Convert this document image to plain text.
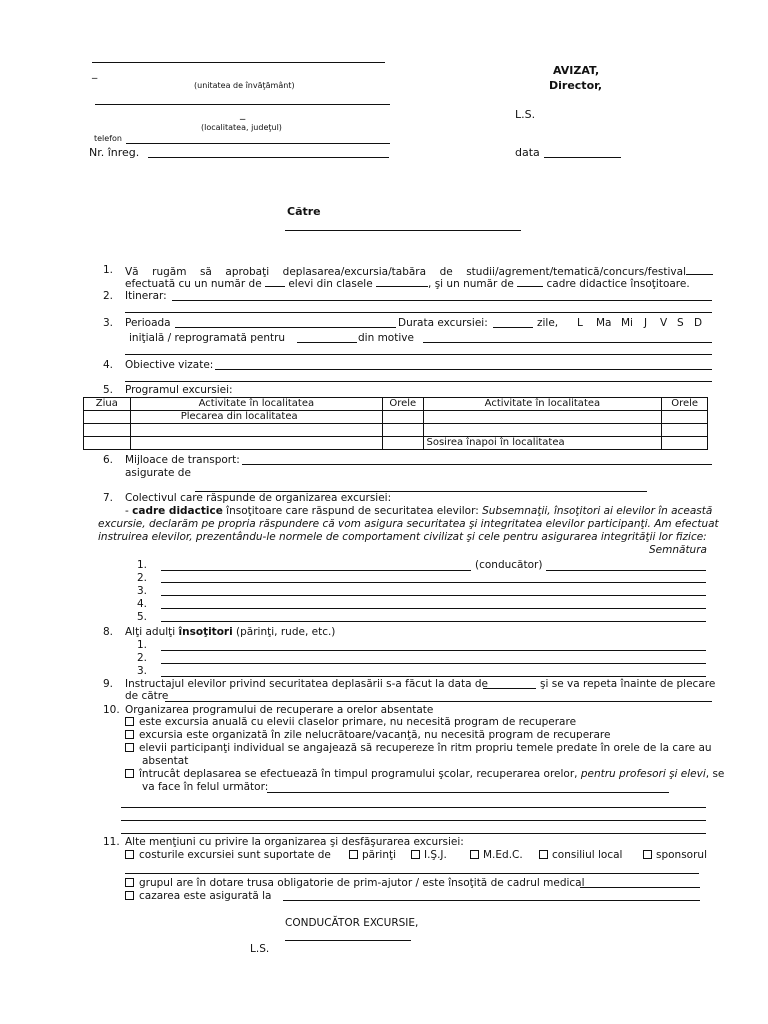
_
(unitatea de învăţământ)
_
(localitatea, judeţul)
telefon
Nr. înreg.
AVIZAT,
Director,
L.S.
data
Către
1. Vă rugăm să aprobaţi deplasarea/excursia/tabăra de studii/agrement/tematică/concurs/festival
efectuată cu un număr de	elevi din clasele	, şi un număr de	cadre didactice însoţitoare.
2. Itinerar:
3. Perioada	Durata excursiei:	zile, L Ma Mi J V S D
iniţială / reprogramată pentru	din motive
4. Obiective vizate:
5. Programul excursiei:
Ziua	Activitate în localitatea	Orele	Activitate în localitatea	Orele
	Plecarea din localitatea			

			Sosirea înapoi în localitatea	
6. Mijloace de transport:
asigurate de
7. Colectivul care răspunde de organizarea excursiei:
- cadre didactice însoţitoare care răspund de securitatea elevilor: Subsemnaţii, însoţitori ai elevilor în această
excursie, declarăm pe propria răspundere că vom asigura securitatea şi integritatea elevilor participanţi. Am efectuat
instruirea elevilor, prezentându-le normele de comportament civilizat şi cele pentru asigurarea integrităţii lor fizice:
Semnătura
1.	(conducător)
2.
3.
4.
5.
8. Alţi adulţi însoţitori (părinţi, rude, etc.)
1.
2.
3.
9. Instructajul elevilor privind securitatea deplasării s-a făcut la data de	şi se va repeta înainte de plecare
de către
10. Organizarea programului de recuperare a orelor absentate
este excursia anuală cu elevii claselor primare, nu necesită program de recuperare
excursia este organizată în zile nelucrătoare/vacanţă, nu necesită program de recuperare
elevii participanţi individual se angajează să recupereze în ritm propriu temele predate în orele de la care au
absentat
întrucât deplasarea se efectuează în timpul programului şcolar, recuperarea orelor, pentru profesori şi elevi, se
va face în felul următor:
11. Alte menţiuni cu privire la organizarea şi desfăşurarea excursiei:
costurile excursiei sunt suportate de	părinţi	I.Ş.J.	M.Ed.C.	consiliul local	sponsorul
grupul are în dotare trusa obligatorie de prim-ajutor / este însoţită de cadrul medical
cazarea este asigurată la
CONDUCĂTOR EXCURSIE,
L.S.
